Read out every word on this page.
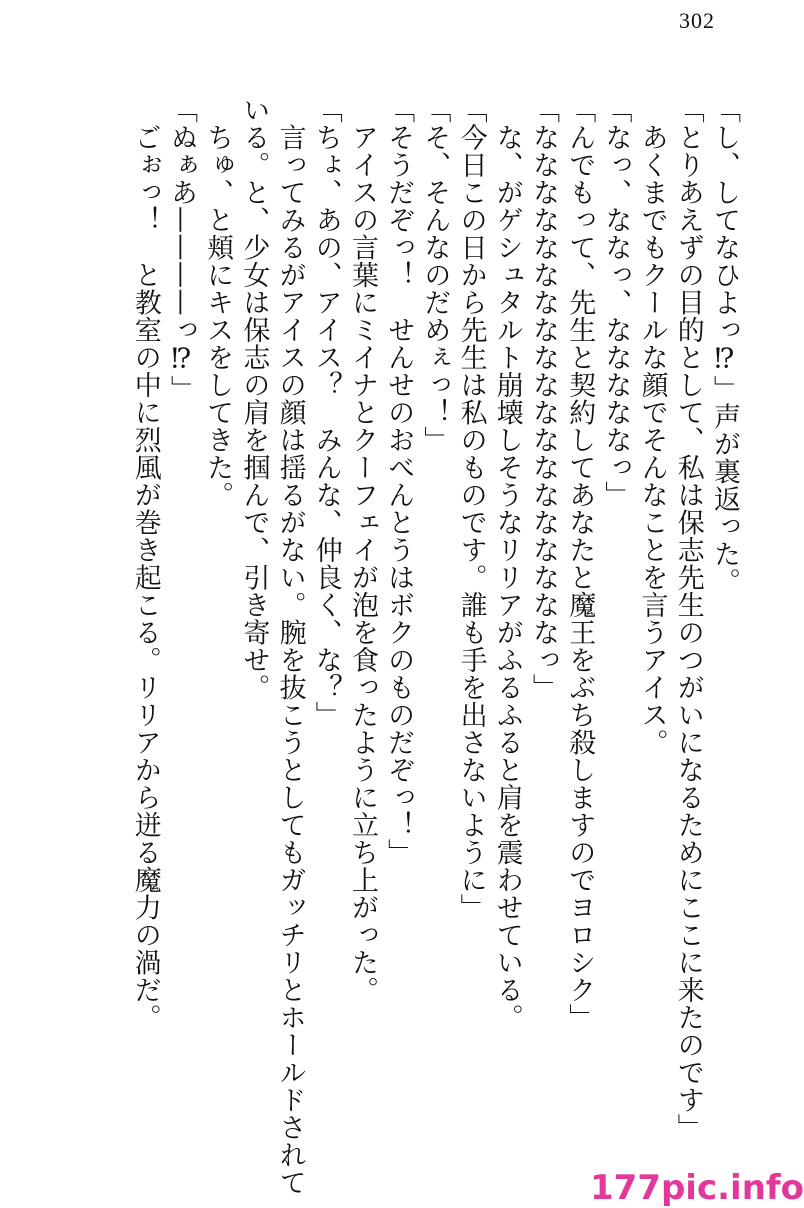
302
「し、してなひよっ⁉」声が裏返った。
「とりあえずの目的として、私は保志先生のつがいになるためにここに来たのです」
　あくまでもクールな顔でそんなことを言うアイス。
「なっ、ななっ、なななななっ」
「んでもって、先生と契約してあなたと魔王をぶち殺しますのでヨロシク」
「なななななななななななななななななななっ」
　な、がゲシュタルト崩壊しそうなリリアがふるふると肩を震わせている。
「今日この日から先生は私のものです。誰も手を出さないように」
「そ、そんなのだめぇっ！」
「そうだぞっ！　せんせのおべんとうはボクのものだぞっ！」
　アイスの言葉にミイナとクーフェイが泡を食ったように立ち上がった。
「ちょ、あの、アイス？　みんな、仲良く、な？」
　言ってみるがアイスの顔は揺るがない。腕を抜こうとしてもガッチリとホールドされて
いる。と、少女は保志の肩を掴んで、引き寄せ。
　ちゅ、と頬にキスをしてきた。
「ぬぁあ————っ⁉」
　ごぉっ！　と教室の中に烈風が巻き起こる。リリアから迸る魔力の渦だ。
177pic.info
